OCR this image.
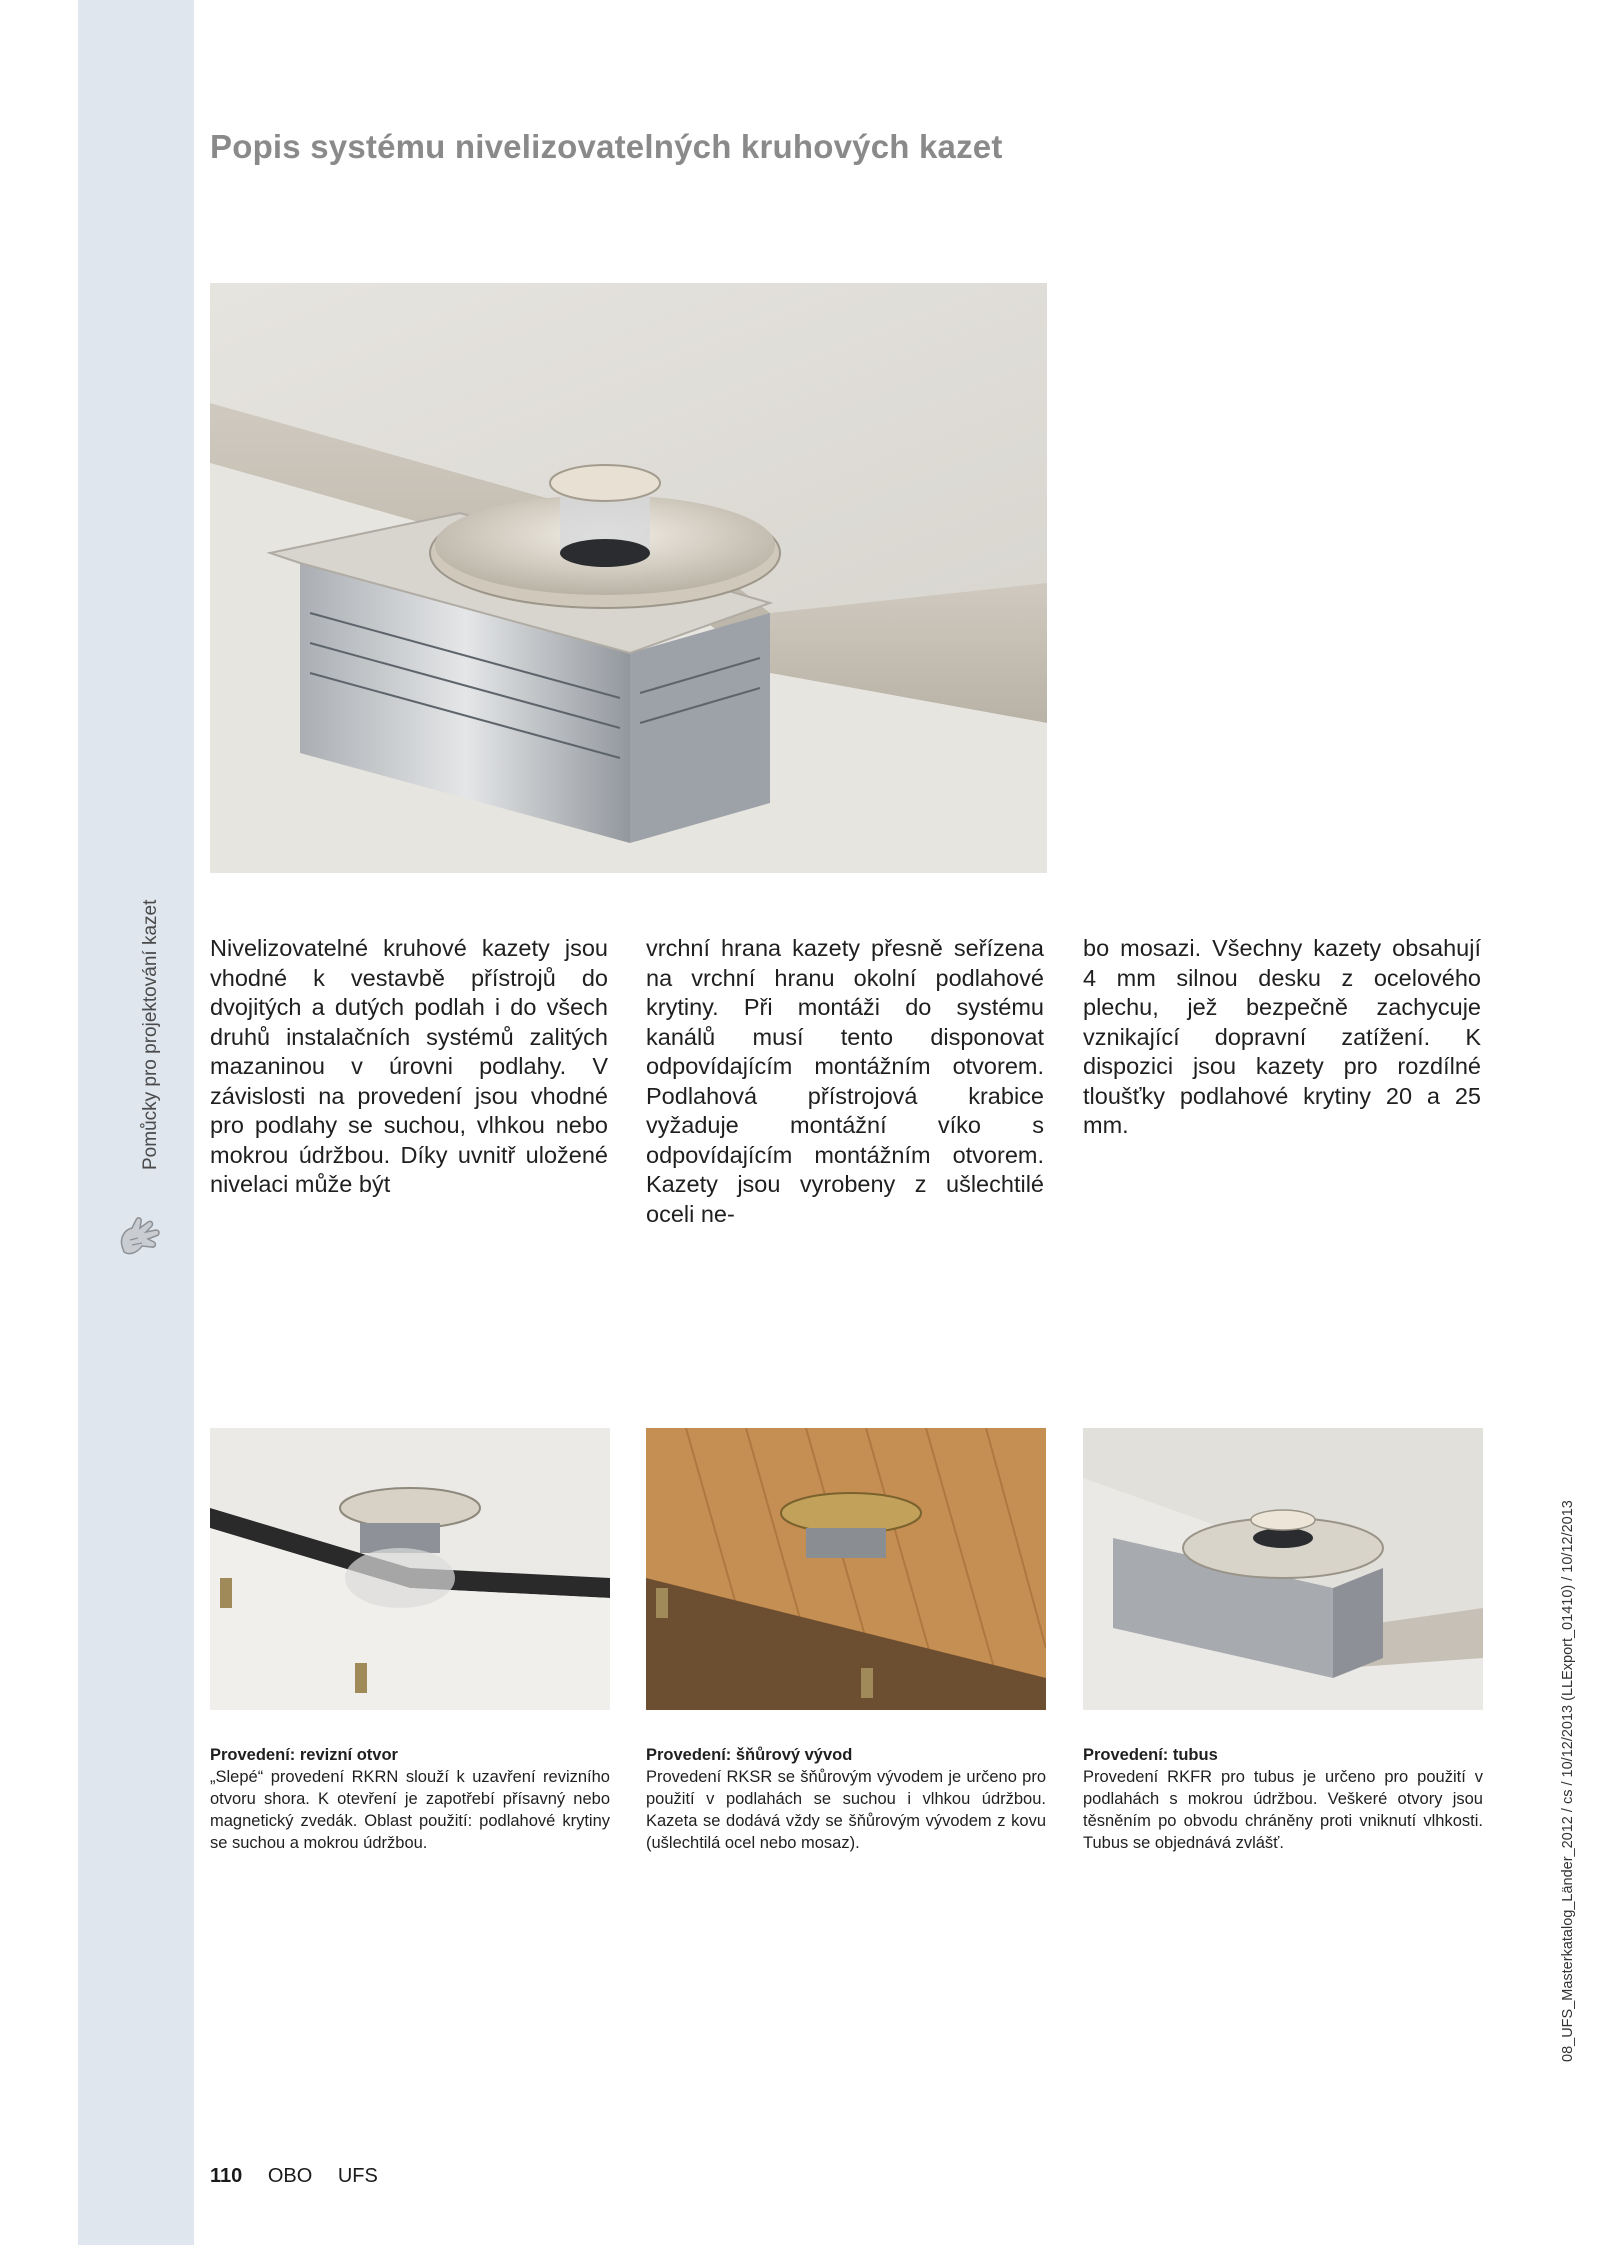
Pomůcky pro projektování kazet
Popis systému nivelizovatelných kruhových kazet
Nivelizovatelné kruhové kazety jsou vhodné k vestavbě přístrojů do dvojitých a dutých podlah i do všech druhů instalačních systémů zalitých mazaninou v úrovni podlahy. V závislosti na provedení jsou vhodné pro podlahy se suchou, vlhkou nebo mokrou údržbou. Díky uvnitř uložené nivelaci může být
vrchní hrana kazety přesně seřízena na vrchní hranu okolní podlahové krytiny. Při montáži do systému kanálů musí tento disponovat odpovídajícím montážním otvorem. Podlahová přístrojová krabice vyžaduje montážní víko s odpovídajícím montážním otvorem. Kazety jsou vyrobeny z ušlechtilé oceli ne-
bo mosazi. Všechny kazety obsahují 4 mm silnou desku z ocelového plechu, jež bezpečně zachycuje vznikající dopravní zatížení. K dispozici jsou kazety pro rozdílné tloušťky podlahové krytiny 20 a 25 mm.
Provedení: revizní otvor
„Slepé“ provedení RKRN slouží k uzavření revizního otvoru shora. K otevření je zapotřebí přísavný nebo magnetický zvedák. Oblast použití: podlahové krytiny se suchou a mokrou údržbou.
Provedení: šňůrový vývod
Provedení RKSR se šňůrovým vývodem je určeno pro použití v podlahách se suchou i vlhkou údržbou. Kazeta se dodává vždy se šňůrovým vývodem z kovu (ušlechtilá ocel nebo mosaz).
Provedení: tubus
Provedení RKFR pro tubus je určeno pro použití v podlahách s mokrou údržbou. Veškeré otvory jsou těsněním po obvodu chráněny proti vniknutí vlhkosti. Tubus se objednává zvlášť.	08_UFS_Masterkatalog_Länder_2012 / cs / 10/12/2013 (LLExport_01410) / 10/12/2013
110 OBO UFS
